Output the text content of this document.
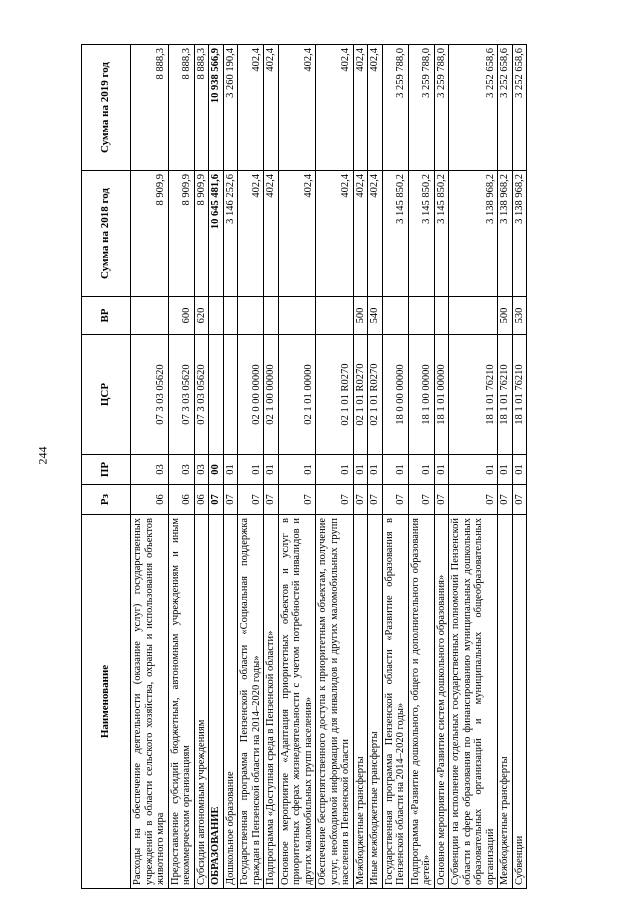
244
Наименование	Рз	ПР	ЦСР	ВР	Сумма на 2018 год	Сумма на 2019 год
Расходы на обеспечение деятельности (оказание услуг) государственных учреждений в области сельского хозяйства, охраны и использования объектов животного мира	06	03	07 3 03 05620		8 909,9	8 888,3
Предоставление субсидий бюджетным, автономным учреждениям и иным некоммерческим организациям	06	03	07 3 03 05620	600	8 909,9	8 888,3
Субсидии автономным учреждениям	06	03	07 3 03 05620	620	8 909,9	8 888,3
ОБРАЗОВАНИЕ	07	00			10 645 481,6	10 938 566,9
Дошкольное образование	07	01			3 146 252,6	3 260 190,4
Государственная программа Пензенской области «Социальная поддержка граждан в Пензенской области на 2014–2020 годы»	07	01	02 0 00 00000		402,4	402,4
Подпрограмма «Доступная среда в Пензенской области»	07	01	02 1 00 00000		402,4	402,4
Основное мероприятие «Адаптация приоритетных объектов и услуг в приоритетных сферах жизнедеятельности с учетом потребностей инвалидов и других маломобильных групп населения»	07	01	02 1 01 00000		402,4	402,4
Обеспечение беспрепятственного доступа к приоритетным объектам, получение услуг, необходимой информации для инвалидов и других маломобильных групп населения в Пензенской области	07	01	02 1 01 R0270		402,4	402,4
Межбюджетные трансферты	07	01	02 1 01 R0270	500	402,4	402,4
Иные межбюджетные трансферты	07	01	02 1 01 R0270	540	402,4	402,4
Государственная программа Пензенской области «Развитие образования в Пензенской области на 2014–2020 годы»	07	01	18 0 00 00000		3 145 850,2	3 259 788,0
Подпрограмма «Развитие дошкольного, общего и дополнительного образования детей»	07	01	18 1 00 00000		3 145 850,2	3 259 788,0
Основное мероприятие «Развитие систем дошкольного образования»	07	01	18 1 01 00000		3 145 850,2	3 259 788,0
Субвенции на исполнение отдельных государственных полномочий Пензенской области в сфере образования по финансированию муниципальных дошкольных образовательных организаций и муниципальных общеобразовательных организаций	07	01	18 1 01 76210		3 138 968,2	3 252 658,6
Межбюджетные трансферты	07	01	18 1 01 76210	500	3 138 968,2	3 252 658,6
Субвенции	07	01	18 1 01 76210	530	3 138 968,2	3 252 658,6
